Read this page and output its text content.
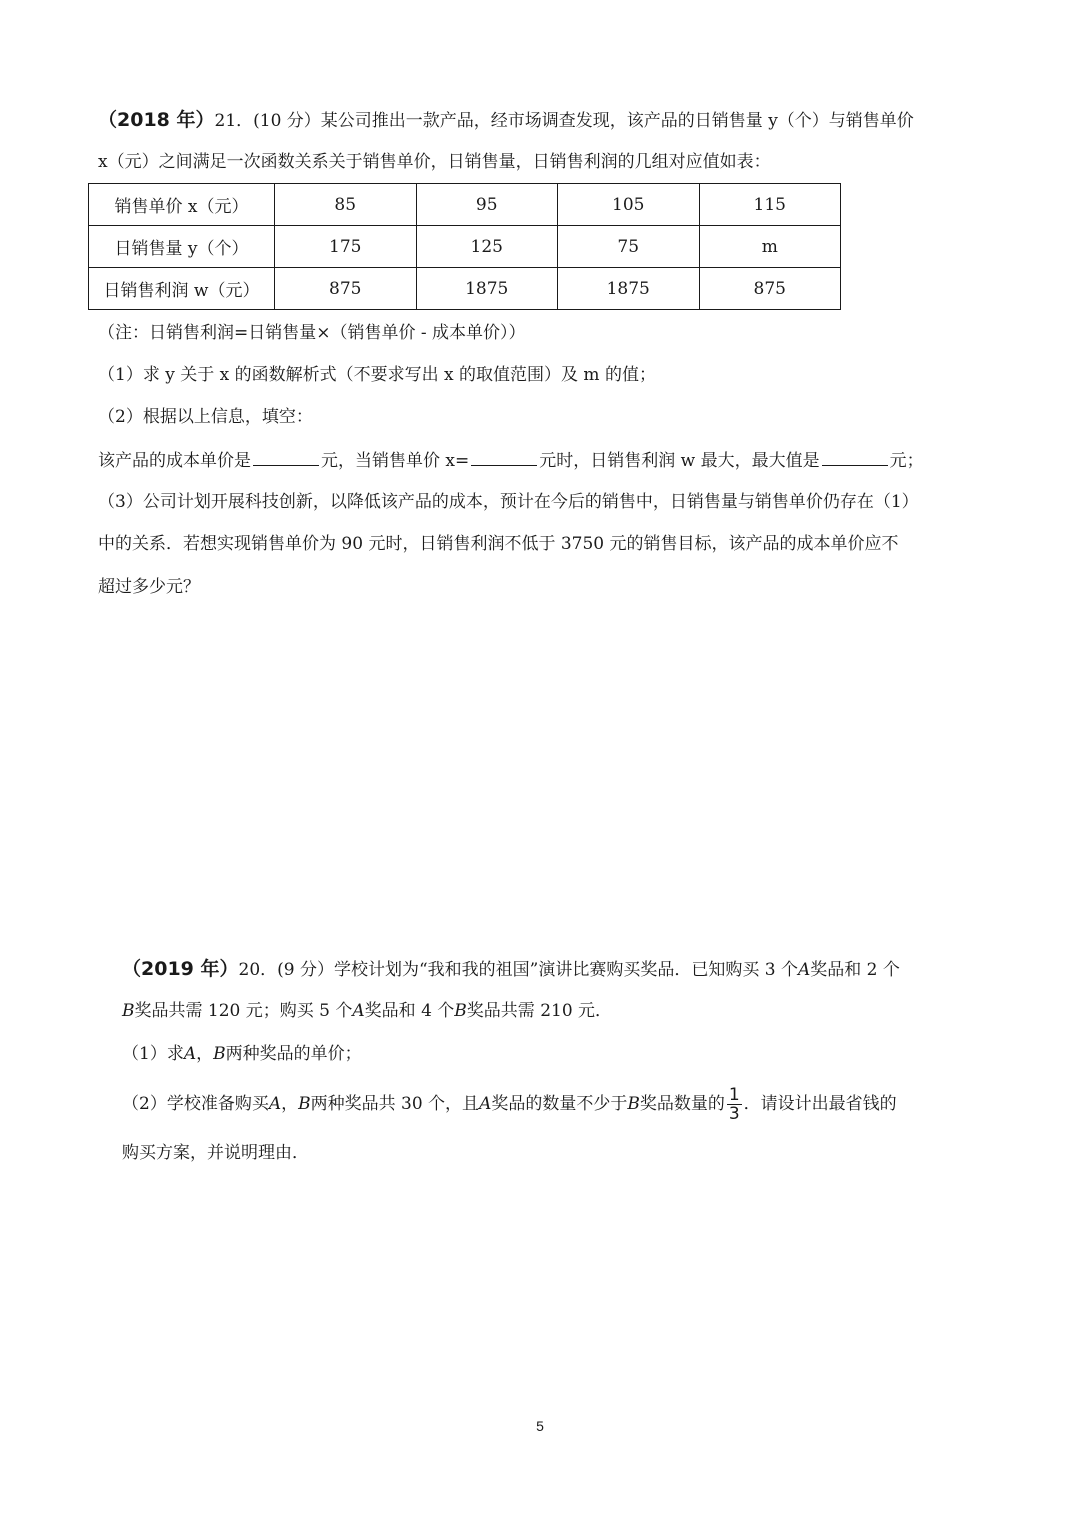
（2018 年）21．(10 分）某公司推出一款产品，经市场调查发现，该产品的日销售量 y（个）与销售单价
x（元）之间满足一次函数关系关于销售单价，日销售量，日销售利润的几组对应值如表：
销售单价 x（元）	85	95	105	115
日销售量 y（个）	175	125	75	m
日销售利润 w（元）	875	1875	1875	875
（注：日销售利润=日销售量×（销售单价 - 成本单价））
（1）求 y 关于 x 的函数解析式（不要求写出 x 的取值范围）及 m 的值；
（2）根据以上信息，填空：
该产品的成本单价是	元，当销售单价 x=	元时，日销售利润 w 最大，最大值是	元；
（3）公司计划开展科技创新，以降低该产品的成本，预计在今后的销售中，日销售量与销售单价仍存在（1）
中的关系．若想实现销售单价为 90 元时，日销售利润不低于 3750 元的销售目标，该产品的成本单价应不
超过多少元？
（2019 年）20．(9 分）学校计划为“我和我的祖国”演讲比赛购买奖品．已知购买 3 个A奖品和 2 个
B奖品共需 120 元；购买 5 个A奖品和 4 个B奖品共需 210 元．
（1）求A，B两种奖品的单价；
（2）学校准备购买A，B两种奖品共 30 个，且A奖品的数量不少于B奖品数量的 $\frac{1}{3}$ ．请设计出最省钱的
购买方案，并说明理由．
5
